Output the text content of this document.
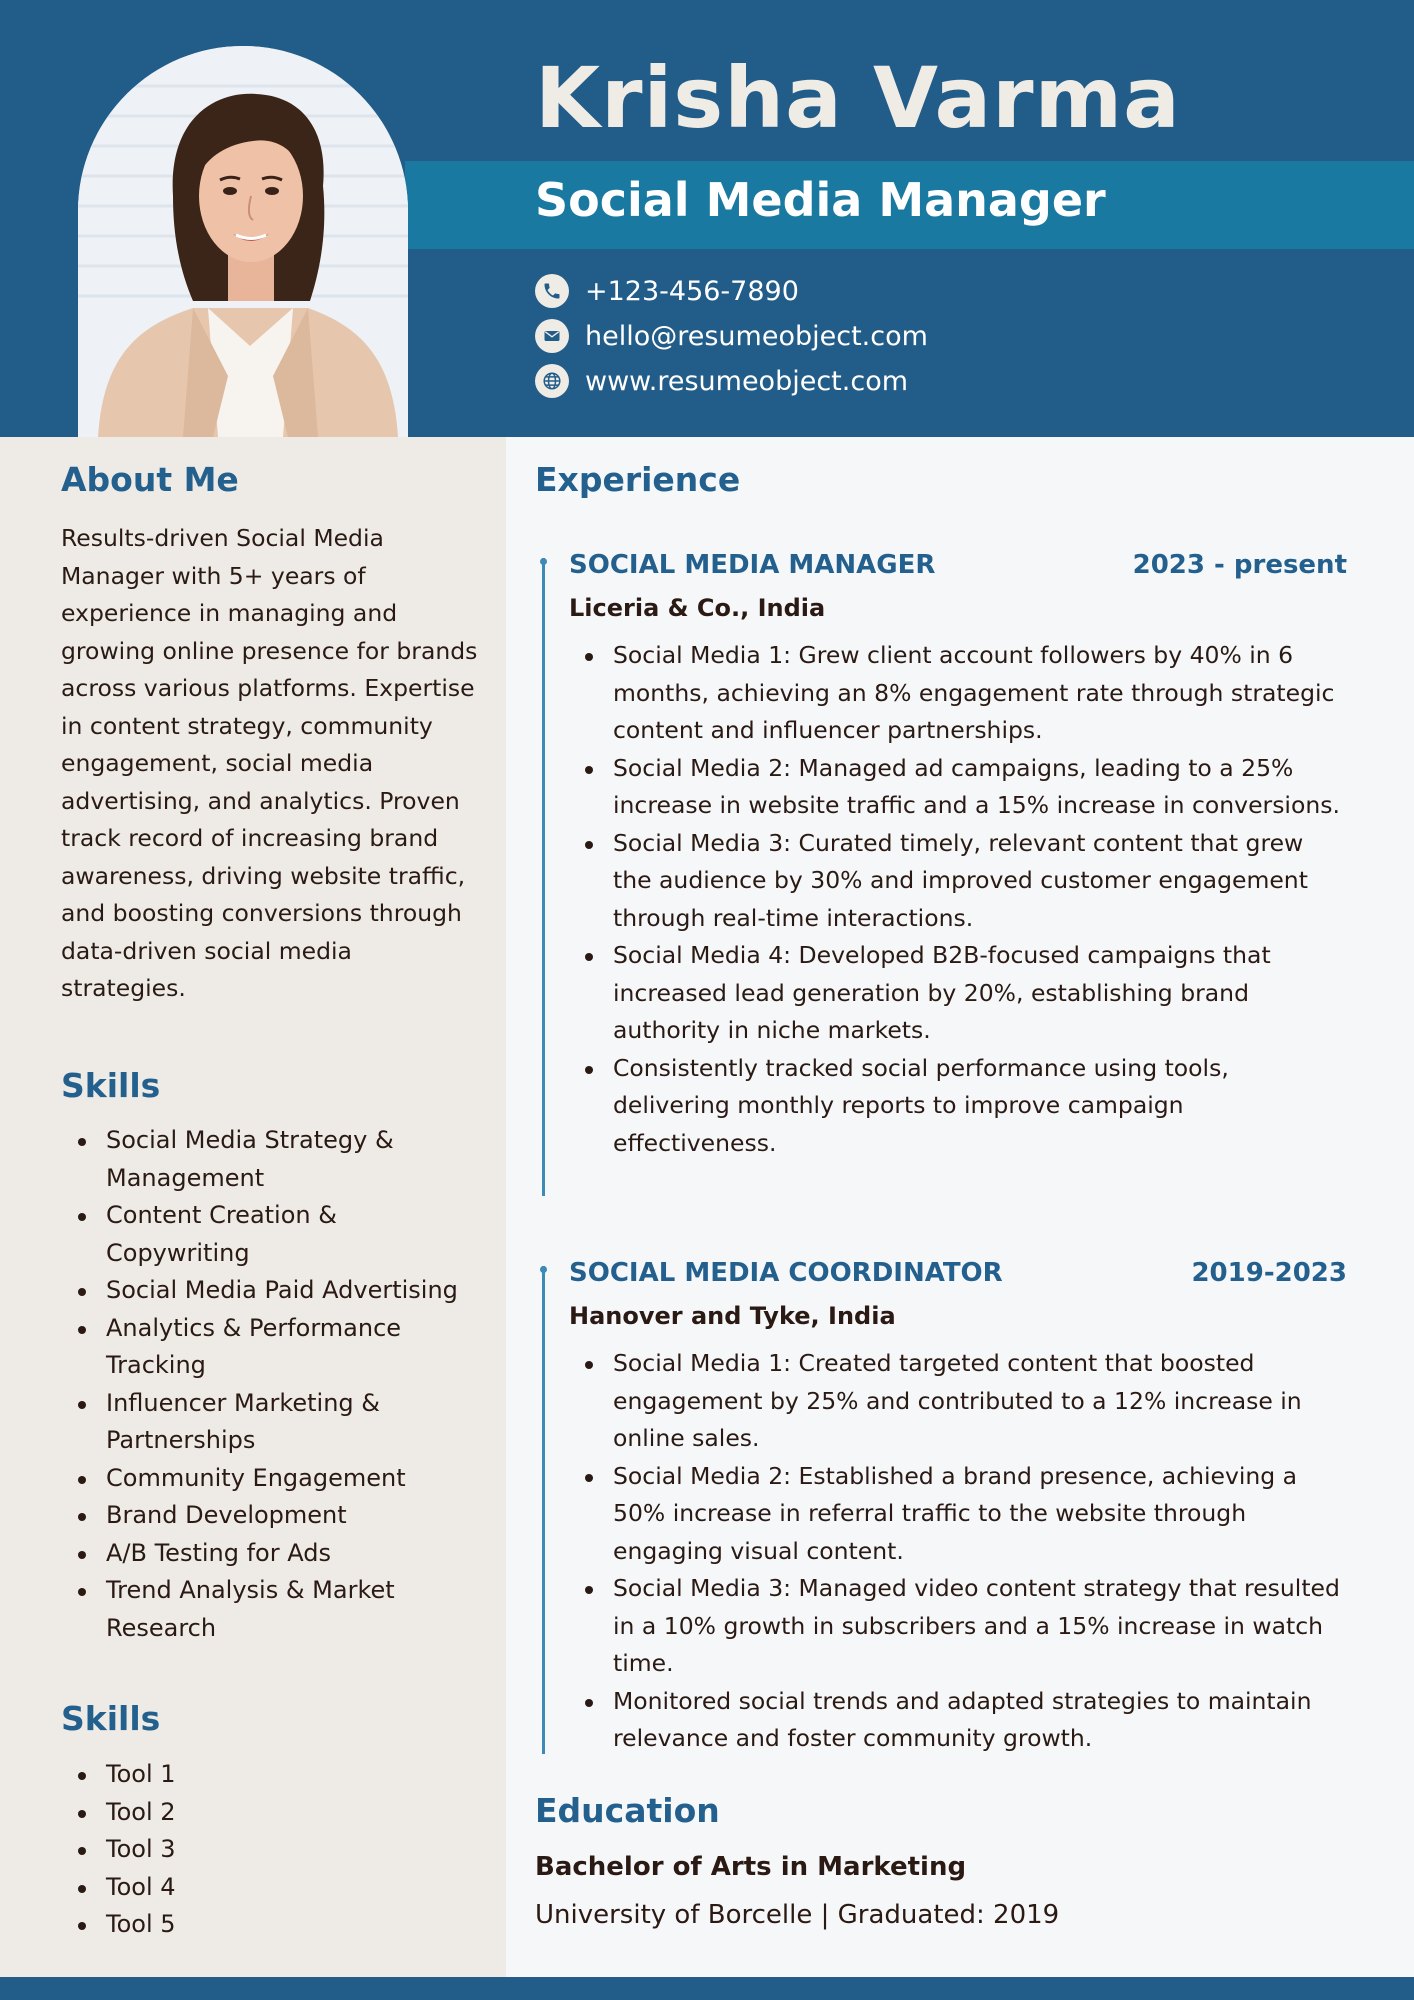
Krisha Varma
Social Media Manager
+123-456-7890
hello@resumeobject.com
www.resumeobject.com
About Me
Results-driven Social Media Manager with 5+ years of experience in managing and growing online presence for brands across various platforms. Expertise in content strategy, community engagement, social media advertising, and analytics. Proven track record of increasing brand awareness, driving website traffic, and boosting conversions through data-driven social media strategies.
Skills
Social Media Strategy & Management
Content Creation & Copywriting
Social Media Paid Advertising
Analytics & Performance Tracking
Influencer Marketing & Partnerships
Community Engagement
Brand Development
A/B Testing for Ads
Trend Analysis & Market Research
Skills
Tool 1
Tool 2
Tool 3
Tool 4
Tool 5
Experience
SOCIAL MEDIA MANAGER	2023 - present
Liceria & Co., India
Social Media 1: Grew client account followers by 40% in 6 months, achieving an 8% engagement rate through strategic content and influencer partnerships.
Social Media 2: Managed ad campaigns, leading to a 25% increase in website traffic and a 15% increase in conversions.
Social Media 3: Curated timely, relevant content that grew the audience by 30% and improved customer engagement through real-time interactions.
Social Media 4: Developed B2B-focused campaigns that increased lead generation by 20%, establishing brand authority in niche markets.
Consistently tracked social performance using tools, delivering monthly reports to improve campaign effectiveness.
SOCIAL MEDIA COORDINATOR	2019-2023
Hanover and Tyke, India
Social Media 1: Created targeted content that boosted engagement by 25% and contributed to a 12% increase in online sales.
Social Media 2: Established a brand presence, achieving a 50% increase in referral traffic to the website through engaging visual content.
Social Media 3: Managed video content strategy that resulted in a 10% growth in subscribers and a 15% increase in watch time.
Monitored social trends and adapted strategies to maintain relevance and foster community growth.
Education
Bachelor of Arts in Marketing
University of Borcelle | Graduated: 2019
